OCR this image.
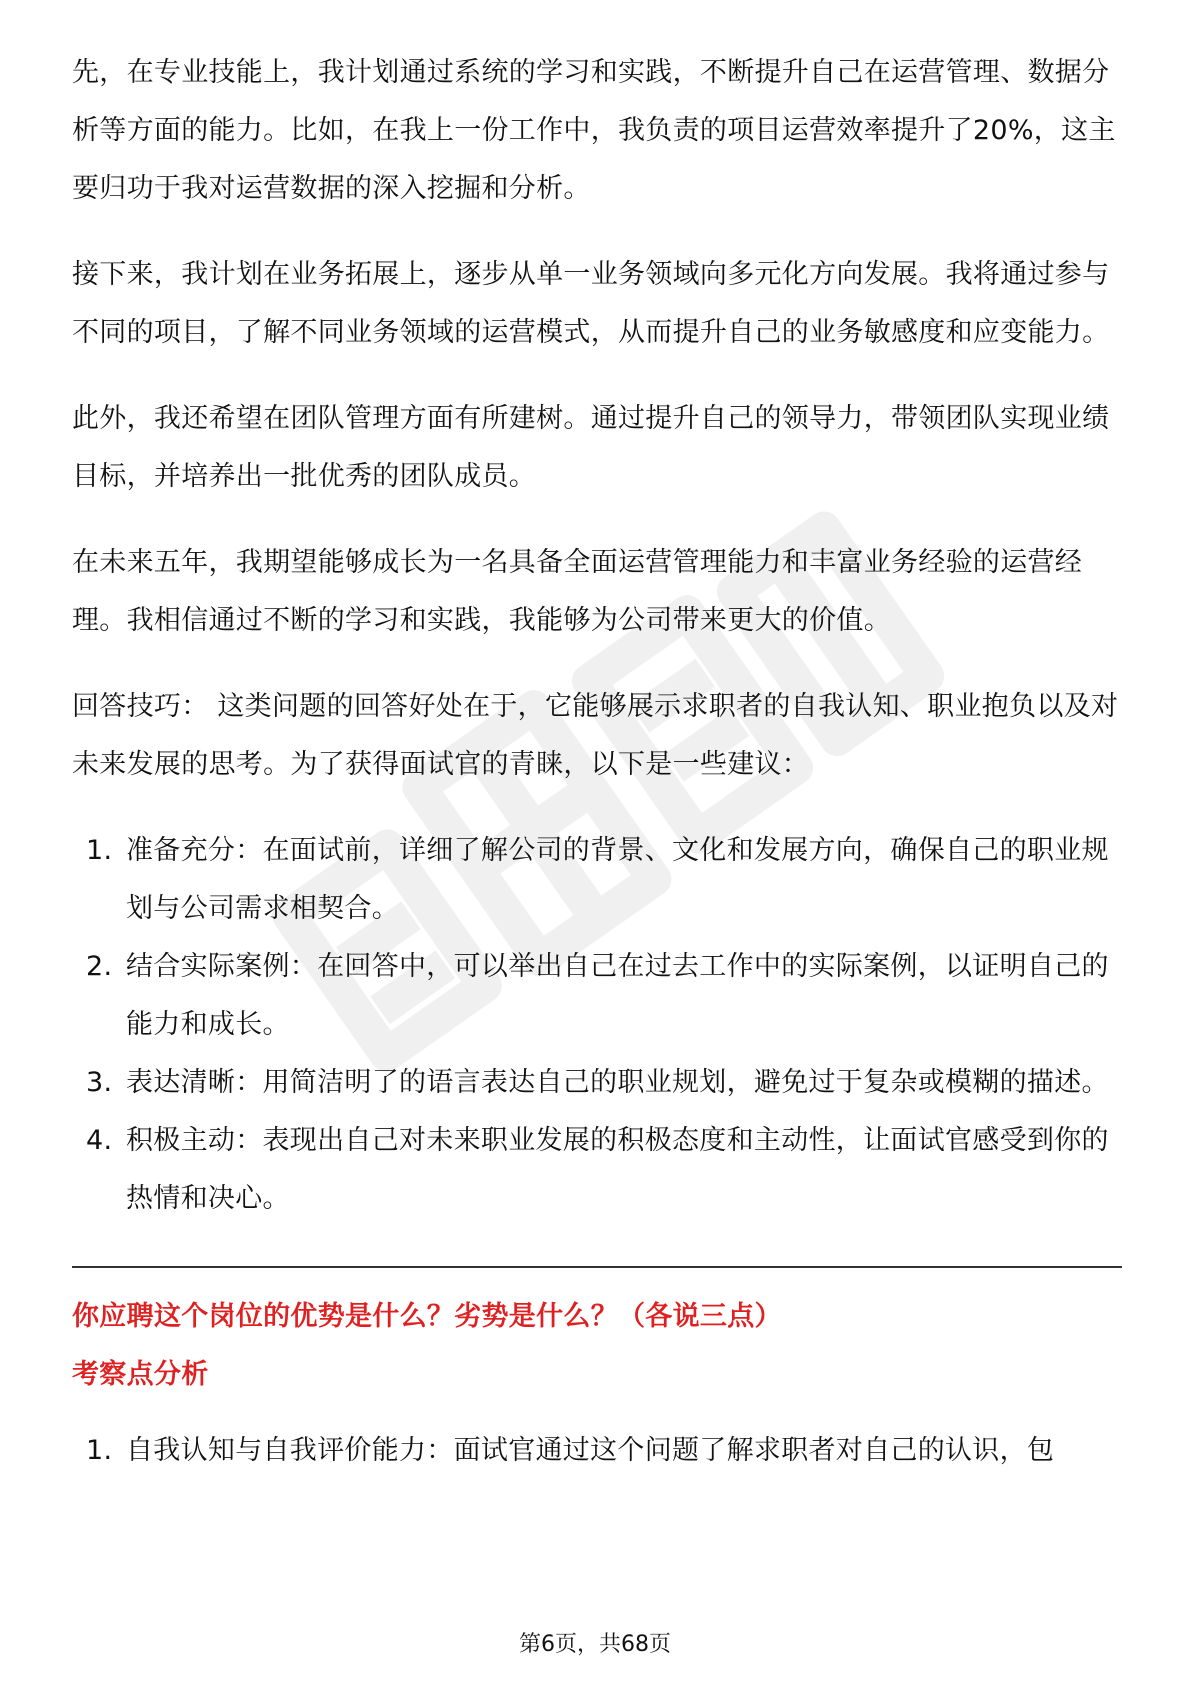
先，在专业技能上，我计划通过系统的学习和实践，不断提升自己在运营管理、数据分析等方面的能力。比如，在我上一份工作中，我负责的项目运营效率提升了20%，这主要归功于我对运营数据的深入挖掘和分析。

接下来，我计划在业务拓展上，逐步从单一业务领域向多元化方向发展。我将通过参与不同的项目，了解不同业务领域的运营模式，从而提升自己的业务敏感度和应变能力。

此外，我还希望在团队管理方面有所建树。通过提升自己的领导力，带领团队实现业绩目标，并培养出一批优秀的团队成员。

在未来五年，我期望能够成长为一名具备全面运营管理能力和丰富业务经验的运营经理。我相信通过不断的学习和实践，我能够为公司带来更大的价值。

回答技巧： 这类问题的回答好处在于，它能够展示求职者的自我认知、职业抱负以及对未来发展的思考。为了获得面试官的青睐，以下是一些建议：

1. 准备充分：在面试前，详细了解公司的背景、文化和发展方向，确保自己的职业规划与公司需求相契合。
2. 结合实际案例：在回答中，可以举出自己在过去工作中的实际案例，以证明自己的能力和成长。
3. 表达清晰：用简洁明了的语言表达自己的职业规划，避免过于复杂或模糊的描述。
4. 积极主动：表现出自己对未来职业发展的积极态度和主动性，让面试官感受到你的热情和决心。
你应聘这个岗位的优势是什么？劣势是什么？（各说三点）
考察点分析
1. 自我认知与自我评价能力：面试官通过这个问题了解求职者对自己的认识，包
第6页，共68页
